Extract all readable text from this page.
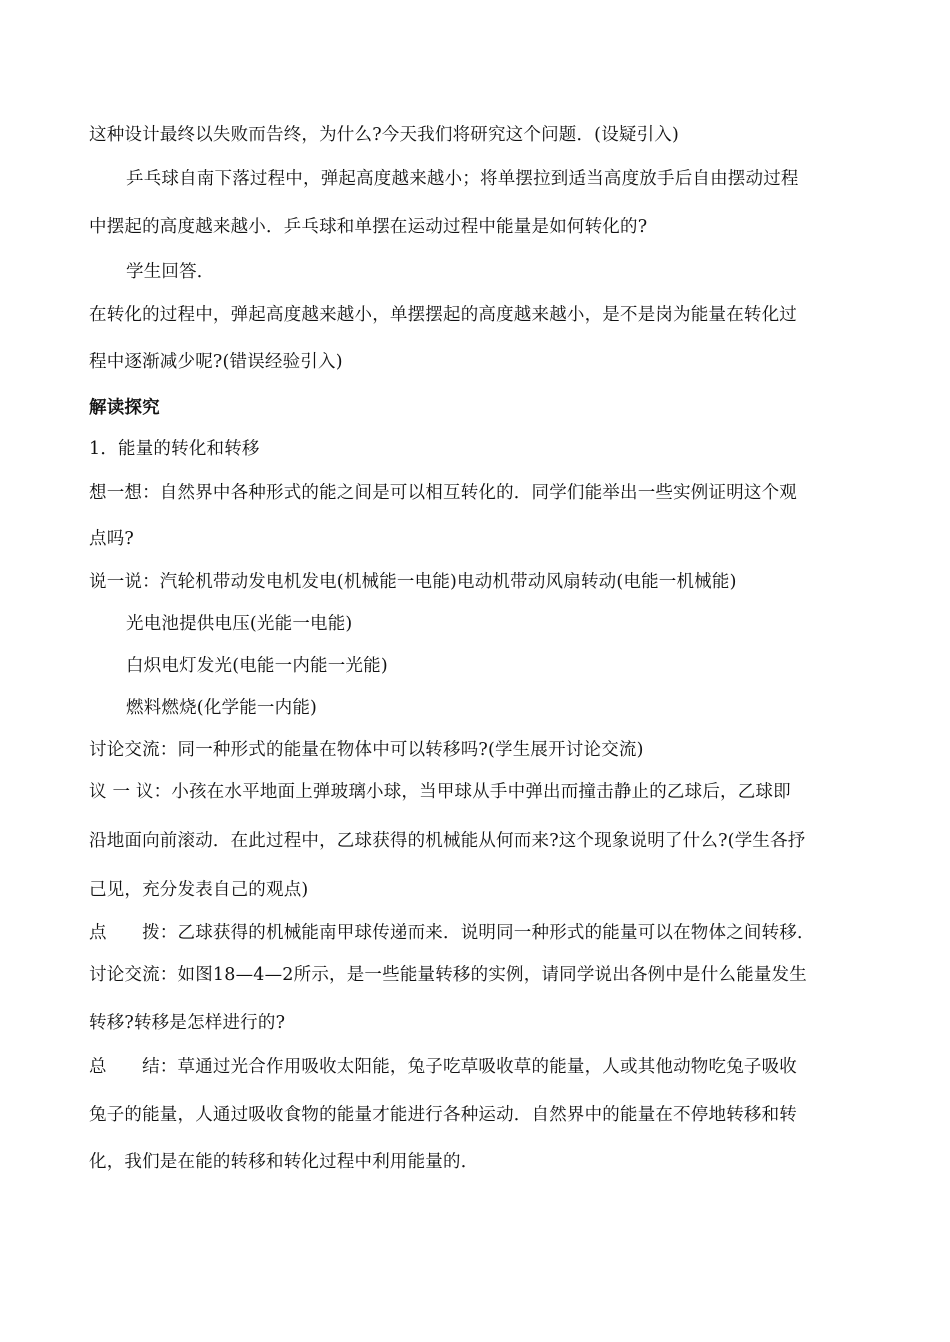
这种设计最终以失败而告终，为什么?今天我们将研究这个问题．(设疑引入)
乒乓球自南下落过程中，弹起高度越来越小；将单摆拉到适当高度放手后自由摆动过程
中摆起的高度越来越小．乒乓球和单摆在运动过程中能量是如何转化的?
学生回答．
在转化的过程中，弹起高度越来越小，单摆摆起的高度越来越小，是不是岗为能量在转化过
程中逐渐减少呢?(错误经验引入)
解读探究
1．能量的转化和转移
想一想：自然界中各种形式的能之间是可以相互转化的．同学们能举出一些实例证明这个观
点吗?
说一说：汽轮机带动发电机发电(机械能一电能)电动机带动风扇转动(电能一机械能)
光电池提供电压(光能一电能)
白炽电灯发光(电能一内能一光能)
燃料燃烧(化学能一内能)
讨论交流：同一种形式的能量在物体中可以转移吗?(学生展开讨论交流)
议 一 议：小孩在水平地面上弹玻璃小球，当甲球从手中弹出而撞击静止的乙球后，乙球即
沿地面向前滚动．在此过程中，乙球获得的机械能从何而来?这个现象说明了什么?(学生各抒
己见，充分发表自己的观点)
点　　拨：乙球获得的机械能南甲球传递而来．说明同一种形式的能量可以在物体之间转移．
讨论交流：如图18—4—2所示，是一些能量转移的实例，请同学说出各例中是什么能量发生
转移?转移是怎样进行的?
总　　结：草通过光合作用吸收太阳能，兔子吃草吸收草的能量，人或其他动物吃兔子吸收
兔子的能量，人通过吸收食物的能量才能进行各种运动．自然界中的能量在不停地转移和转
化，我们是在能的转移和转化过程中利用能量的．
